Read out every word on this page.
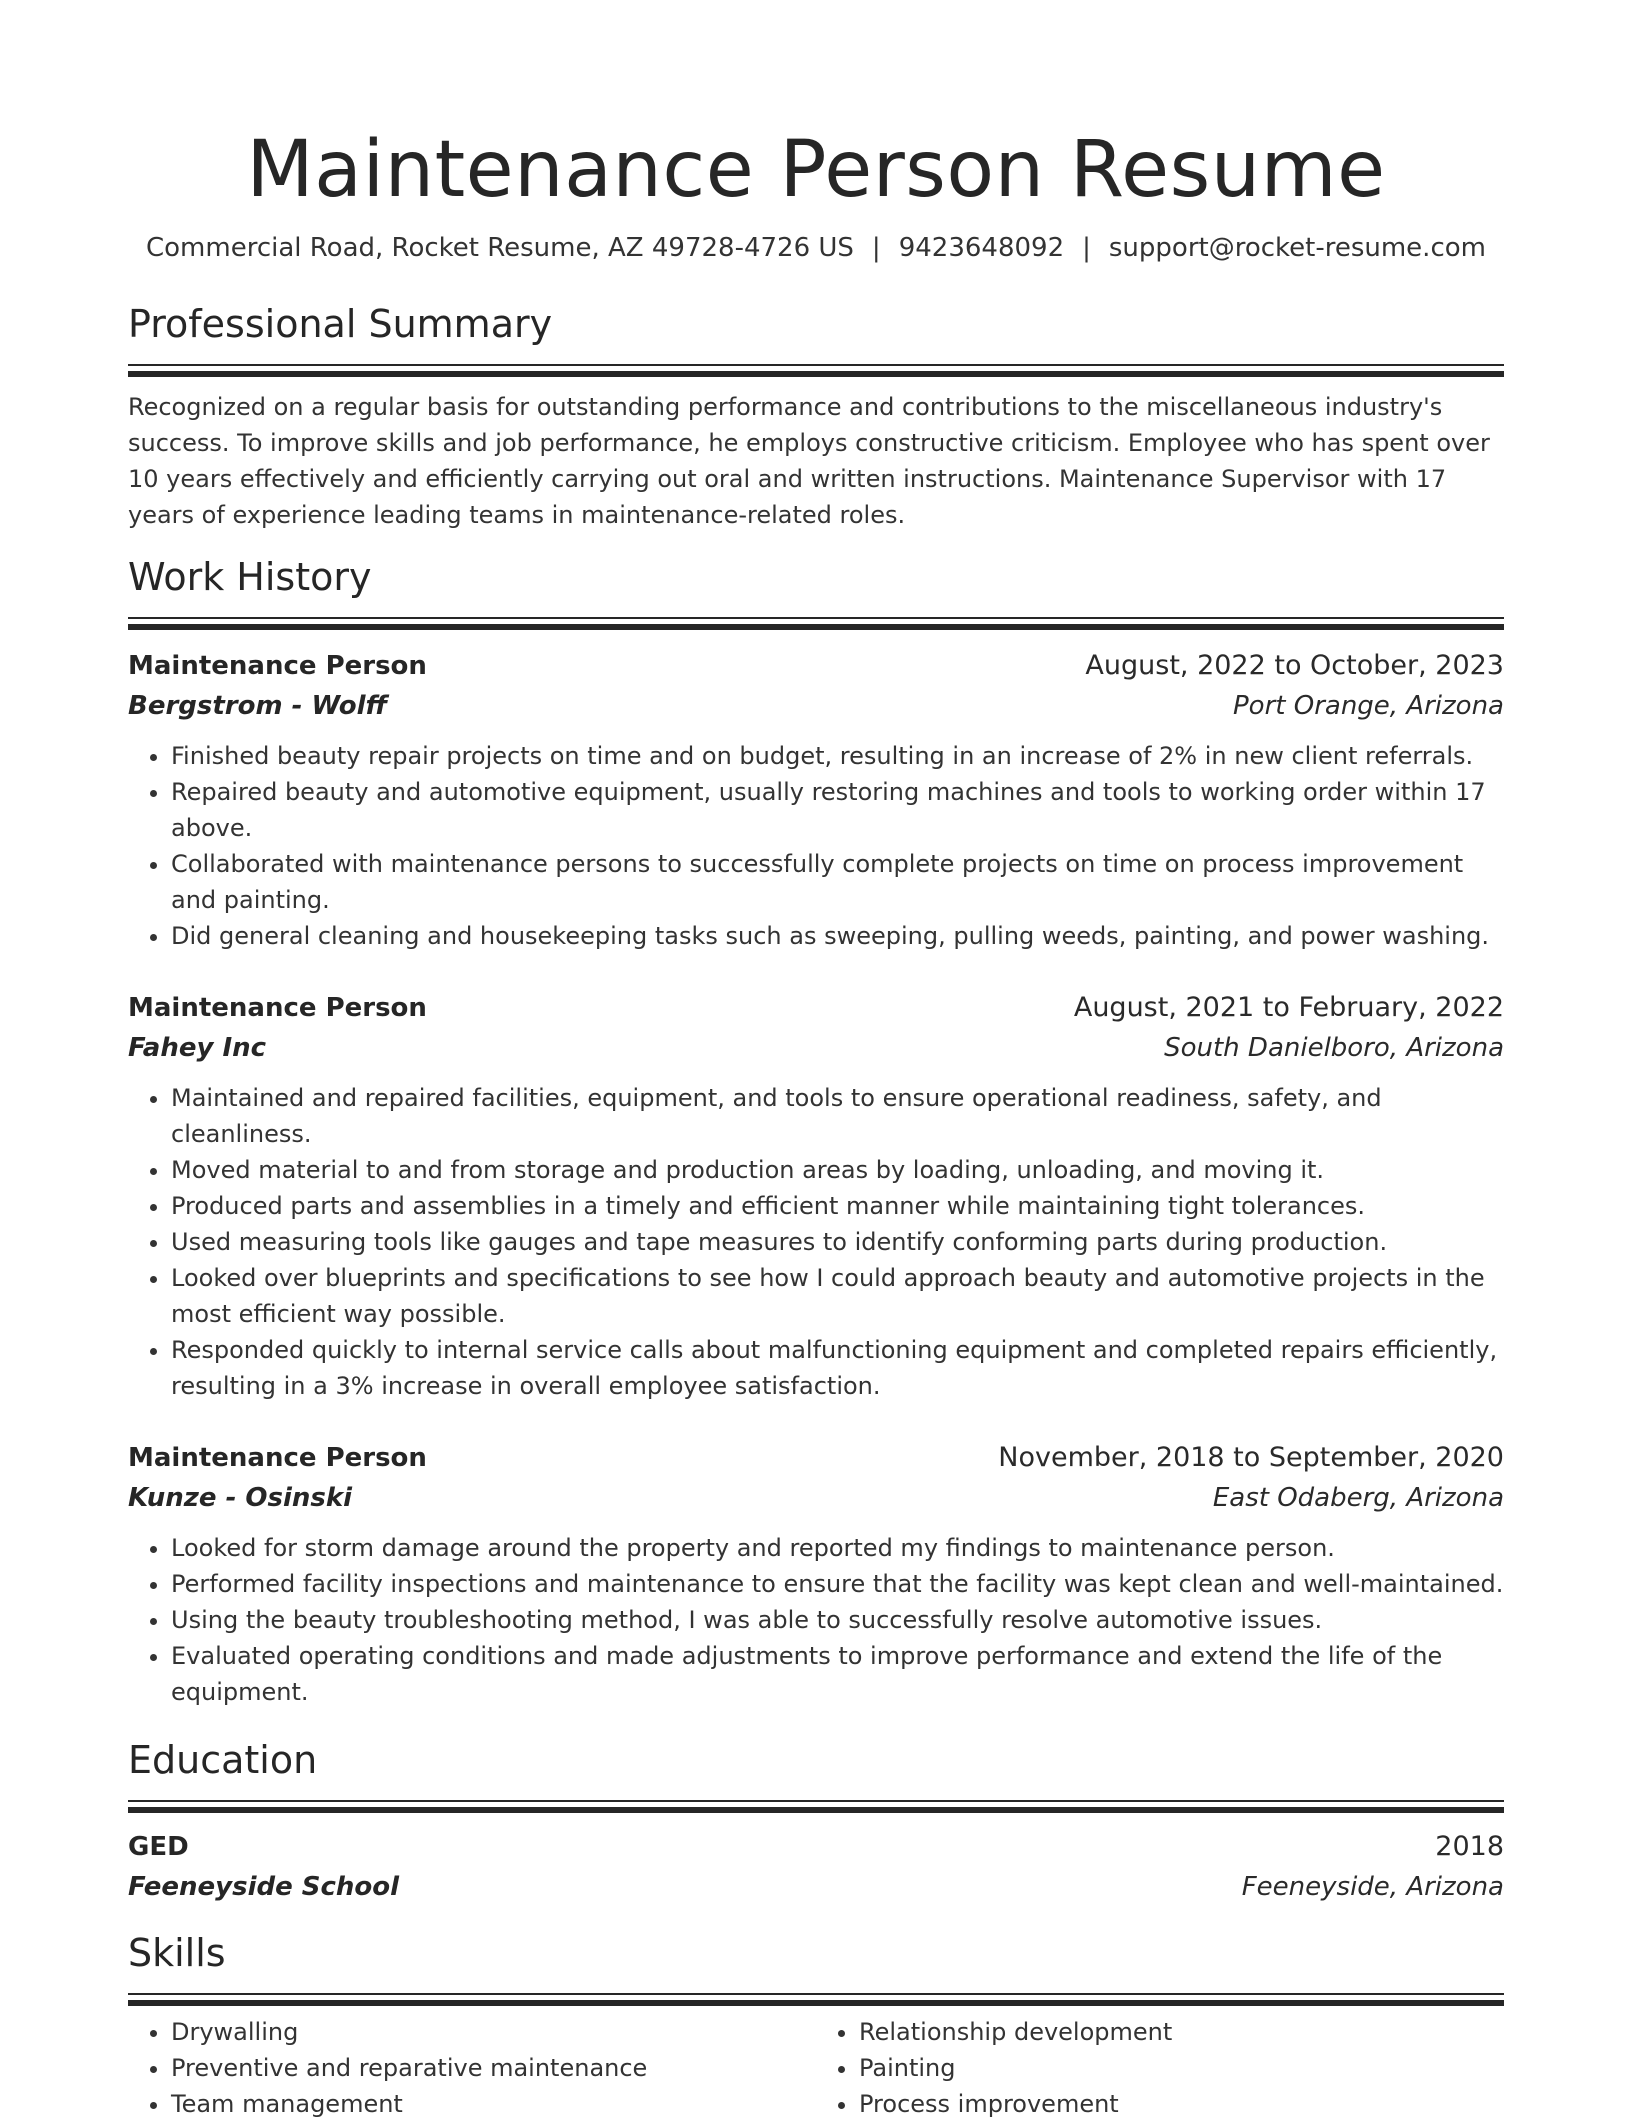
Maintenance Person Resume
Commercial Road, Rocket Resume, AZ 49728-4726 US | 9423648092 | support@rocket-resume.com
Professional Summary
Recognized on a regular basis for outstanding performance and contributions to the miscellaneous industry's success. To improve skills and job performance, he employs constructive criticism. Employee who has spent over 10 years effectively and efficiently carrying out oral and written instructions. Maintenance Supervisor with 17 years of experience leading teams in maintenance-related roles.
Work History
Maintenance Person	August, 2022 to October, 2023
Bergstrom - Wolff	Port Orange, Arizona
• Finished beauty repair projects on time and on budget, resulting in an increase of 2% in new client referrals.
• Repaired beauty and automotive equipment, usually restoring machines and tools to working order within 17 above.
• Collaborated with maintenance persons to successfully complete projects on time on process improvement and painting.
• Did general cleaning and housekeeping tasks such as sweeping, pulling weeds, painting, and power washing.
Maintenance Person	August, 2021 to February, 2022
Fahey Inc	South Danielboro, Arizona
• Maintained and repaired facilities, equipment, and tools to ensure operational readiness, safety, and cleanliness.
• Moved material to and from storage and production areas by loading, unloading, and moving it.
• Produced parts and assemblies in a timely and efficient manner while maintaining tight tolerances.
• Used measuring tools like gauges and tape measures to identify conforming parts during production.
• Looked over blueprints and specifications to see how I could approach beauty and automotive projects in the most efficient way possible.
• Responded quickly to internal service calls about malfunctioning equipment and completed repairs efficiently, resulting in a 3% increase in overall employee satisfaction.
Maintenance Person	November, 2018 to September, 2020
Kunze - Osinski	East Odaberg, Arizona
• Looked for storm damage around the property and reported my findings to maintenance person.
• Performed facility inspections and maintenance to ensure that the facility was kept clean and well-maintained.
• Using the beauty troubleshooting method, I was able to successfully resolve automotive issues.
• Evaluated operating conditions and made adjustments to improve performance and extend the life of the equipment.
Education
GED	2018
Feeneyside School	Feeneyside, Arizona
Skills
• Drywalling
• Preventive and reparative maintenance
• Team management
• Relationship development
• Painting
• Process improvement
